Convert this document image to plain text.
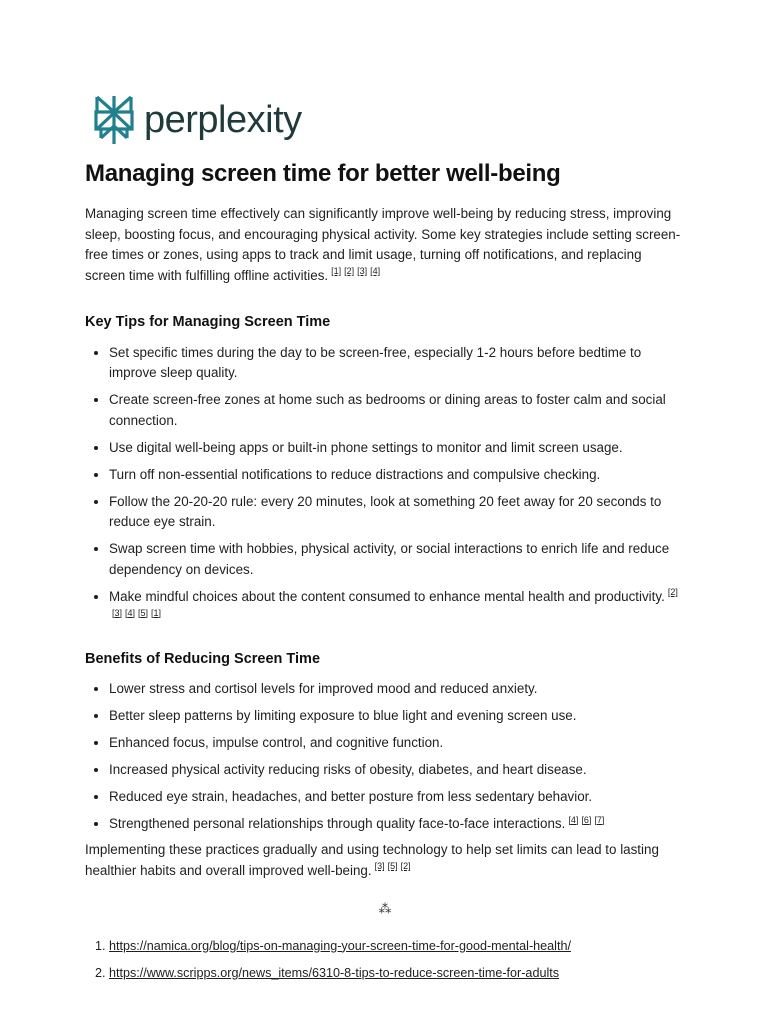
perplexity
Managing screen time for better well-being

Managing screen time effectively can significantly improve well-being by reducing stress, improving sleep, boosting focus, and encouraging physical activity. Some key strategies include setting screen-free times or zones, using apps to track and limit usage, turning off notifications, and replacing screen time with fulfilling offline activities. [1] [2] [3] [4]

Key Tips for Managing Screen Time
• Set specific times during the day to be screen-free, especially 1-2 hours before bedtime to improve sleep quality.
• Create screen-free zones at home such as bedrooms or dining areas to foster calm and social connection.
• Use digital well-being apps or built-in phone settings to monitor and limit screen usage.
• Turn off non-essential notifications to reduce distractions and compulsive checking.
• Follow the 20-20-20 rule: every 20 minutes, look at something 20 feet away for 20 seconds to reduce eye strain.
• Swap screen time with hobbies, physical activity, or social interactions to enrich life and reduce dependency on devices.
• Make mindful choices about the content consumed to enhance mental health and productivity. [2][3] [4] [5] [1]
Benefits of Reducing Screen Time
• Lower stress and cortisol levels for improved mood and reduced anxiety.
• Better sleep patterns by limiting exposure to blue light and evening screen use.
• Enhanced focus, impulse control, and cognitive function.
• Increased physical activity reducing risks of obesity, diabetes, and heart disease.
• Reduced eye strain, headaches, and better posture from less sedentary behavior.
• Strengthened personal relationships through quality face-to-face interactions. [4] [6] [7]

Implementing these practices gradually and using technology to help set limits can lead to lasting healthier habits and overall improved well-being. [3] [5] [2]

⁂
1. https://namica.org/blog/tips-on-managing-your-screen-time-for-good-mental-health/
2. https://www.scripps.org/news_items/6310-8-tips-to-reduce-screen-time-for-adults
